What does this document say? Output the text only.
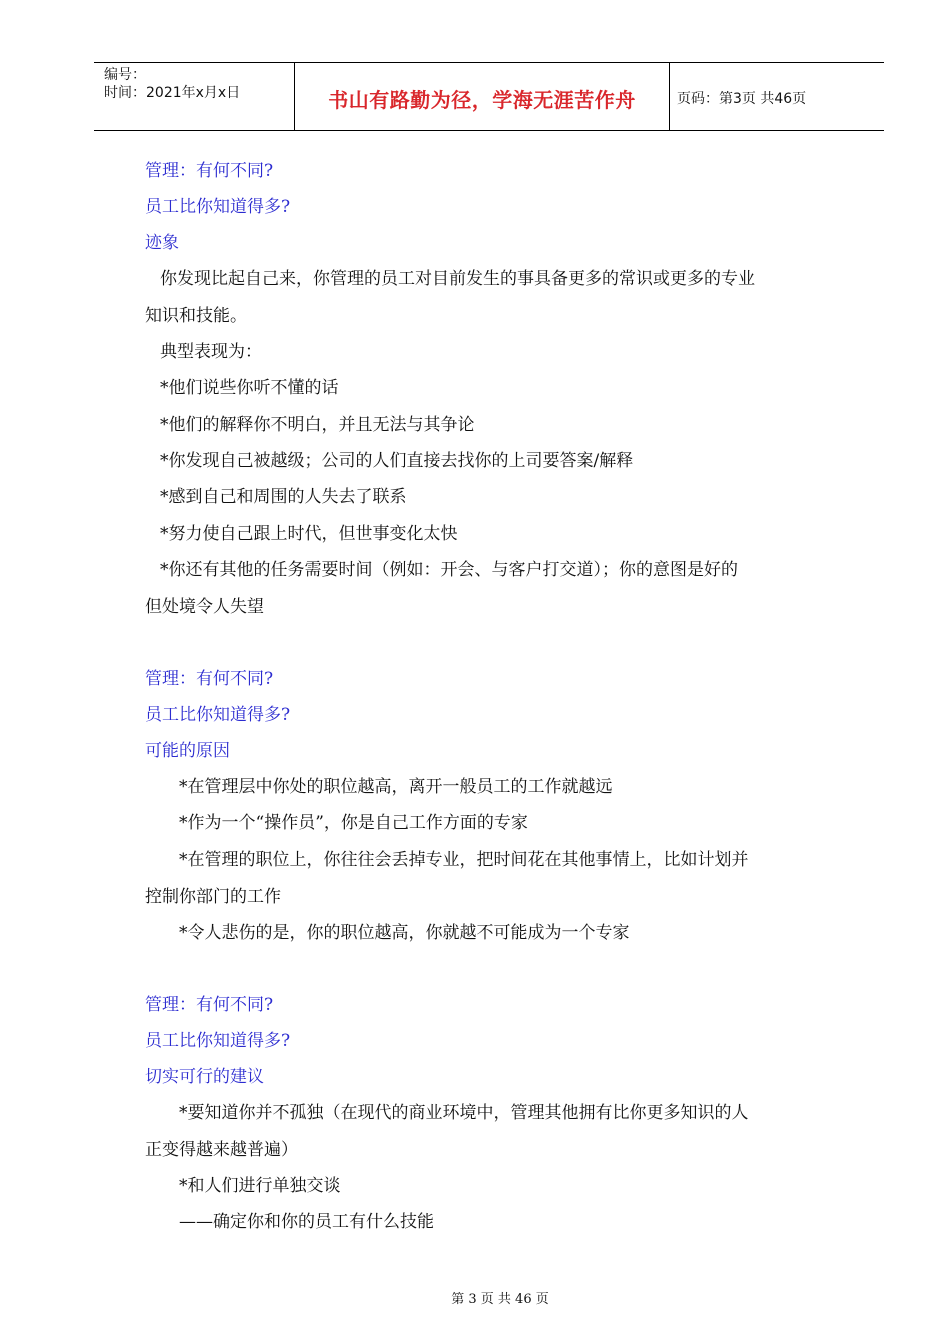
编号：
时间：2021年x月x日	书山有路勤为径，学海无涯苦作舟	页码：第3页 共46页
管理：有何不同?
员工比你知道得多?
迹象
你发现比起自己来，你管理的员工对目前发生的事具备更多的常识或更多的专业
知识和技能。
典型表现为：
*他们说些你听不懂的话
*他们的解释你不明白，并且无法与其争论
*你发现自己被越级；公司的人们直接去找你的上司要答案/解释
*感到自己和周围的人失去了联系
*努力使自己跟上时代，但世事变化太快
*你还有其他的任务需要时间（例如：开会、与客户打交道）；你的意图是好的
但处境令人失望
管理：有何不同?
员工比你知道得多?
可能的原因
*在管理层中你处的职位越高，离开一般员工的工作就越远
*作为一个“操作员”，你是自己工作方面的专家
*在管理的职位上，你往往会丢掉专业，把时间花在其他事情上，比如计划并
控制你部门的工作
*令人悲伤的是，你的职位越高，你就越不可能成为一个专家
管理：有何不同?
员工比你知道得多?
切实可行的建议
*要知道你并不孤独（在现代的商业环境中，管理其他拥有比你更多知识的人
正变得越来越普遍）
*和人们进行单独交谈
——确定你和你的员工有什么技能
第 3 页 共 46 页
